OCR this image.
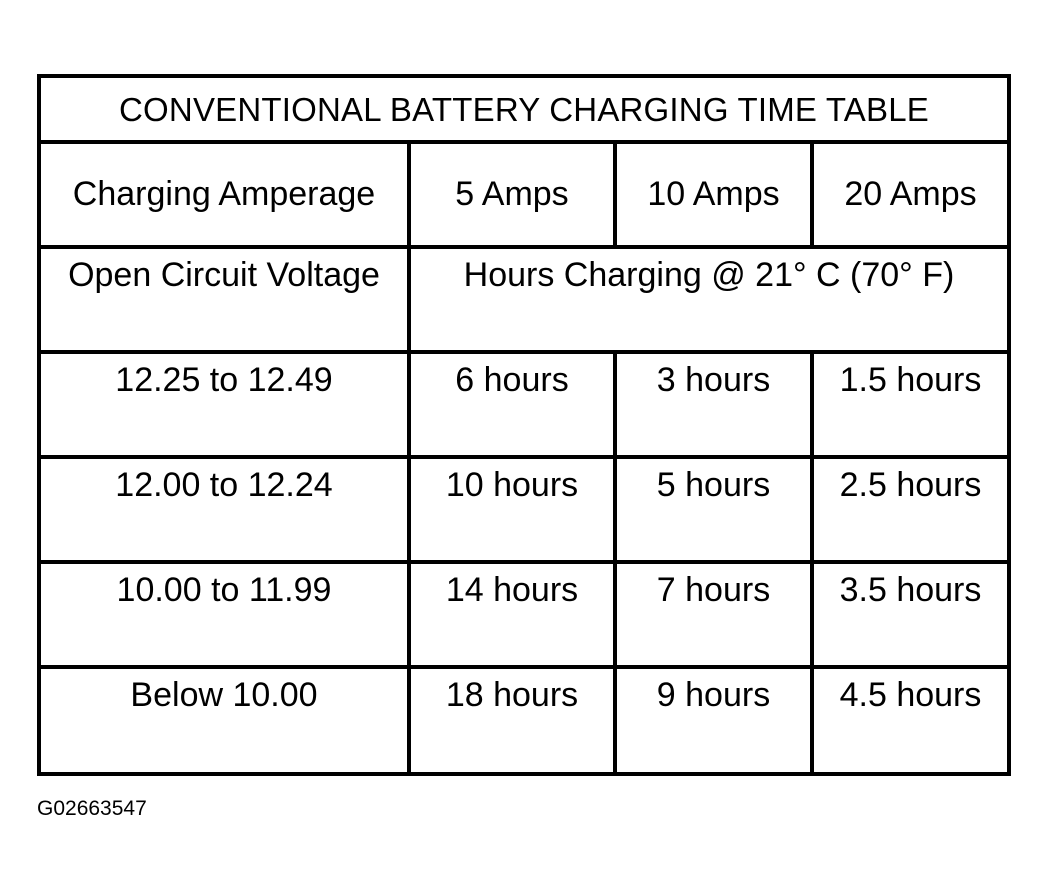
CONVENTIONAL BATTERY CHARGING TIME TABLE
Charging Amperage 5 Amps 10 Amps 20 Amps
Open Circuit Voltage Hours Charging @ 21° C (70° F)
12.25 to 12.49	6 hours	3 hours 1.5 hours
12.00 to 12.24	10 hours 5 hours 2.5 hours
10.00 to 11.99	14 hours 7 hours 3.5 hours
Below 10.00	18 hours 9 hours 4.5 hours
G02663547
